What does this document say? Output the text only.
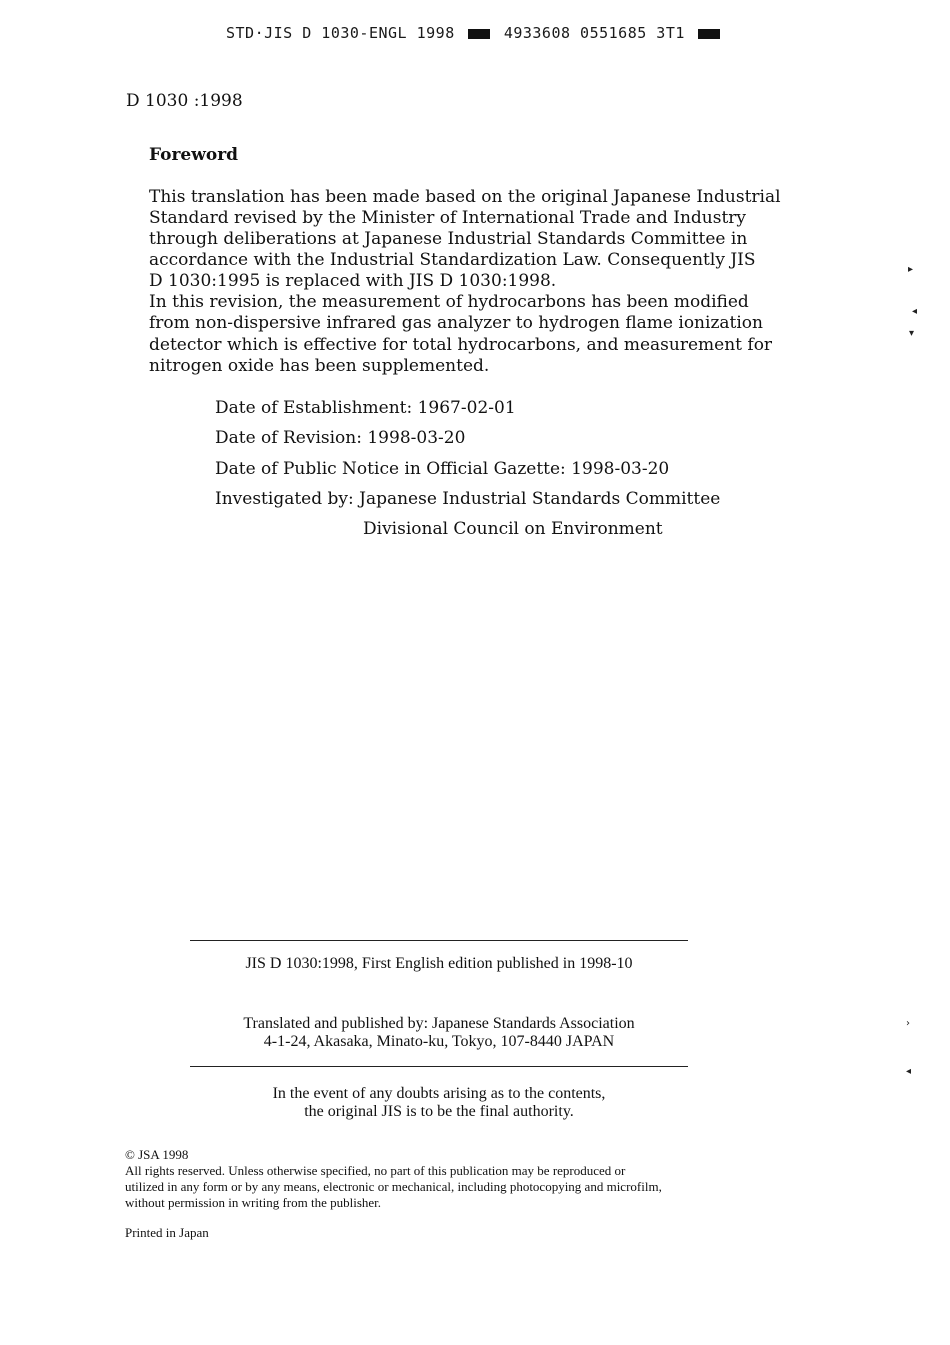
STD·JIS D 1030-ENGL 1998	4933608 0551685 3T1
D 1030 :1998
Foreword
This translation has been made based on the original Japanese Industrial
Standard revised by the Minister of International Trade and Industry
through deliberations at Japanese Industrial Standards Committee in
accordance with the Industrial Standardization Law. Consequently JIS
D 1030:1995 is replaced with JIS D 1030:1998.
In this revision, the measurement of hydrocarbons has been modified
from non-dispersive infrared gas analyzer to hydrogen flame ionization
detector which is effective for total hydrocarbons, and measurement for
nitrogen oxide has been supplemented.
Date of Establishment: 1967-02-01
Date of Revision: 1998-03-20
Date of Public Notice in Official Gazette: 1998-03-20
Investigated by: Japanese Industrial Standards Committee
Divisional Council on Environment
JIS D 1030:1998, First English edition published in 1998-10
Translated and published by: Japanese Standards Association
4-1-24, Akasaka, Minato-ku, Tokyo, 107-8440 JAPAN
In the event of any doubts arising as to the contents,
the original JIS is to be the final authority.
© JSA 1998
All rights reserved. Unless otherwise specified, no part of this publication may be reproduced or
utilized in any form or by any means, electronic or mechanical, including photocopying and microfilm,
without permission in writing from the publisher.
Printed in Japan
▸
◂
▾
›
◂
